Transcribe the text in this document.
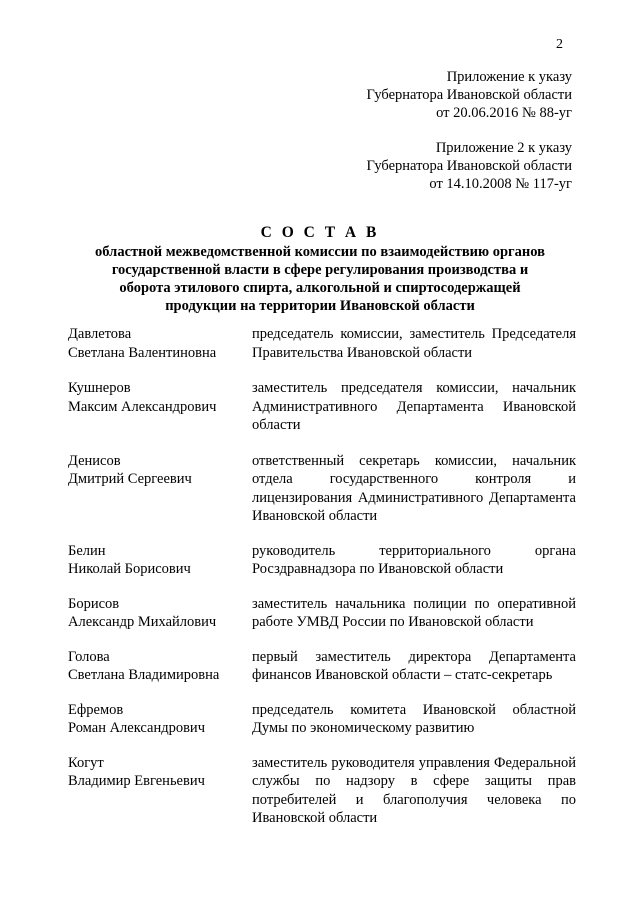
2
Приложение к указу
Губернатора Ивановской области
от 20.06.2016 № 88-уг
Приложение 2 к указу
Губернатора Ивановской области
от 14.10.2008 № 117-уг
С О С Т А В
областной межведомственной комиссии по взаимодействию органов
государственной власти в сфере регулирования производства и
оборота этилового спирта, алкогольной и спиртосодержащей
продукции на территории Ивановской области
Давлетова
Светлана Валентиновна
председатель комиссии, заместитель Председателя Правительства Ивановской области
Кушнеров
Максим Александрович
заместитель председателя комиссии, начальник Административного Департамента Ивановской области
Денисов
Дмитрий Сергеевич
ответственный секретарь комиссии, начальник отдела государственного контроля и лицензирования Административного Департамента Ивановской области
Белин
Николай Борисович
руководитель территориального органа Росздравнадзора по Ивановской области
Борисов
Александр Михайлович
заместитель начальника полиции по оперативной работе УМВД России по Ивановской области
Голова
Светлана Владимировна
первый заместитель директора Департамента финансов Ивановской области – статс-секретарь
Ефремов
Роман Александрович
председатель комитета Ивановской областной Думы по экономическому развитию
Когут
Владимир Евгеньевич
заместитель руководителя управления Федеральной службы по надзору в сфере защиты прав потребителей и благополучия человека по Ивановской области
